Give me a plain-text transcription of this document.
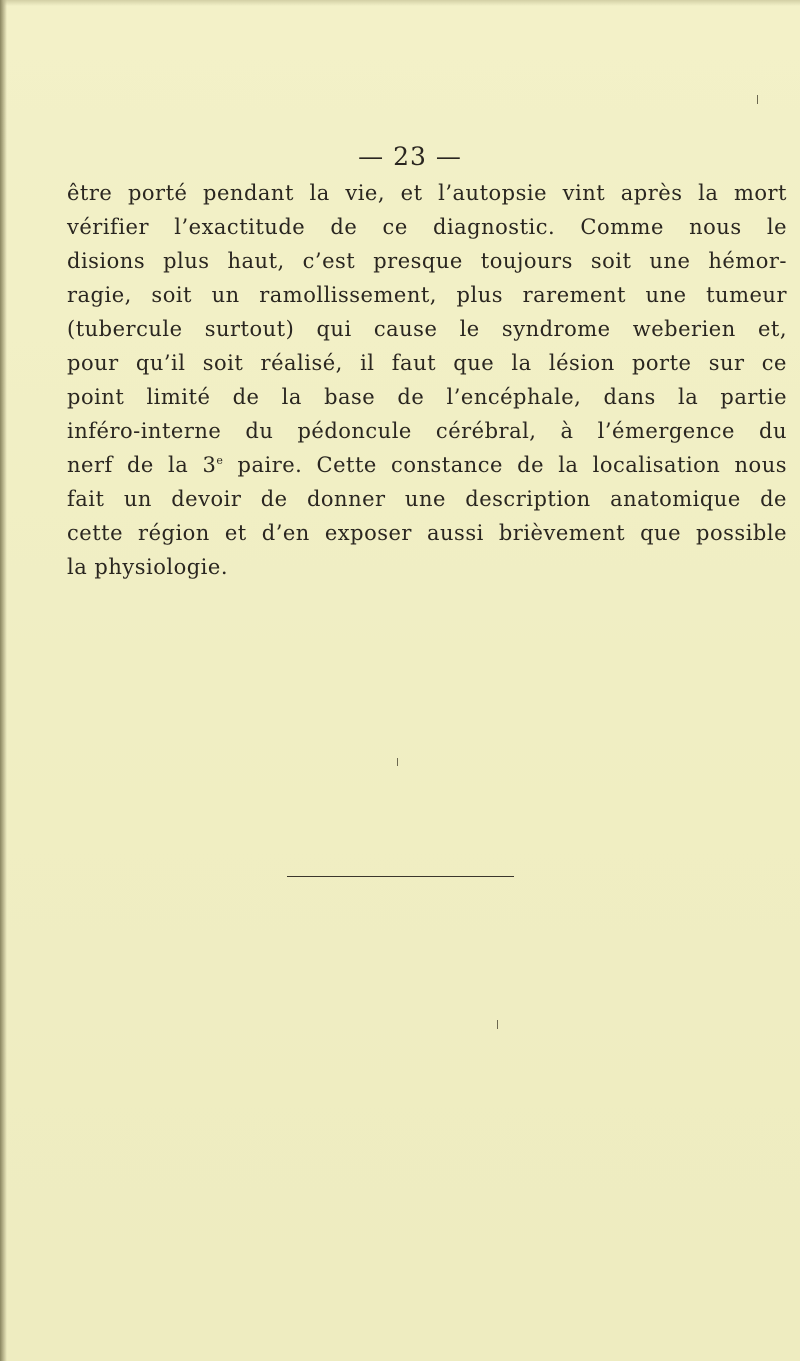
— 23 —
être porté pendant la vie, et l’autopsie vint après la mort
vérifier l’exactitude de ce diagnostic. Comme nous le
disions plus haut, c’est presque toujours soit une hémor-
ragie, soit un ramollissement, plus rarement une tumeur
(tubercule surtout) qui cause le syndrome weberien et,
pour qu’il soit réalisé, il faut que la lésion porte sur ce
point limité de la base de l’encéphale, dans la partie
inféro-interne du pédoncule cérébral, à l’émergence du
nerf de la 3e paire. Cette constance de la localisation nous
fait un devoir de donner une description anatomique de
cette région et d’en exposer aussi brièvement que possible
la physiologie.
